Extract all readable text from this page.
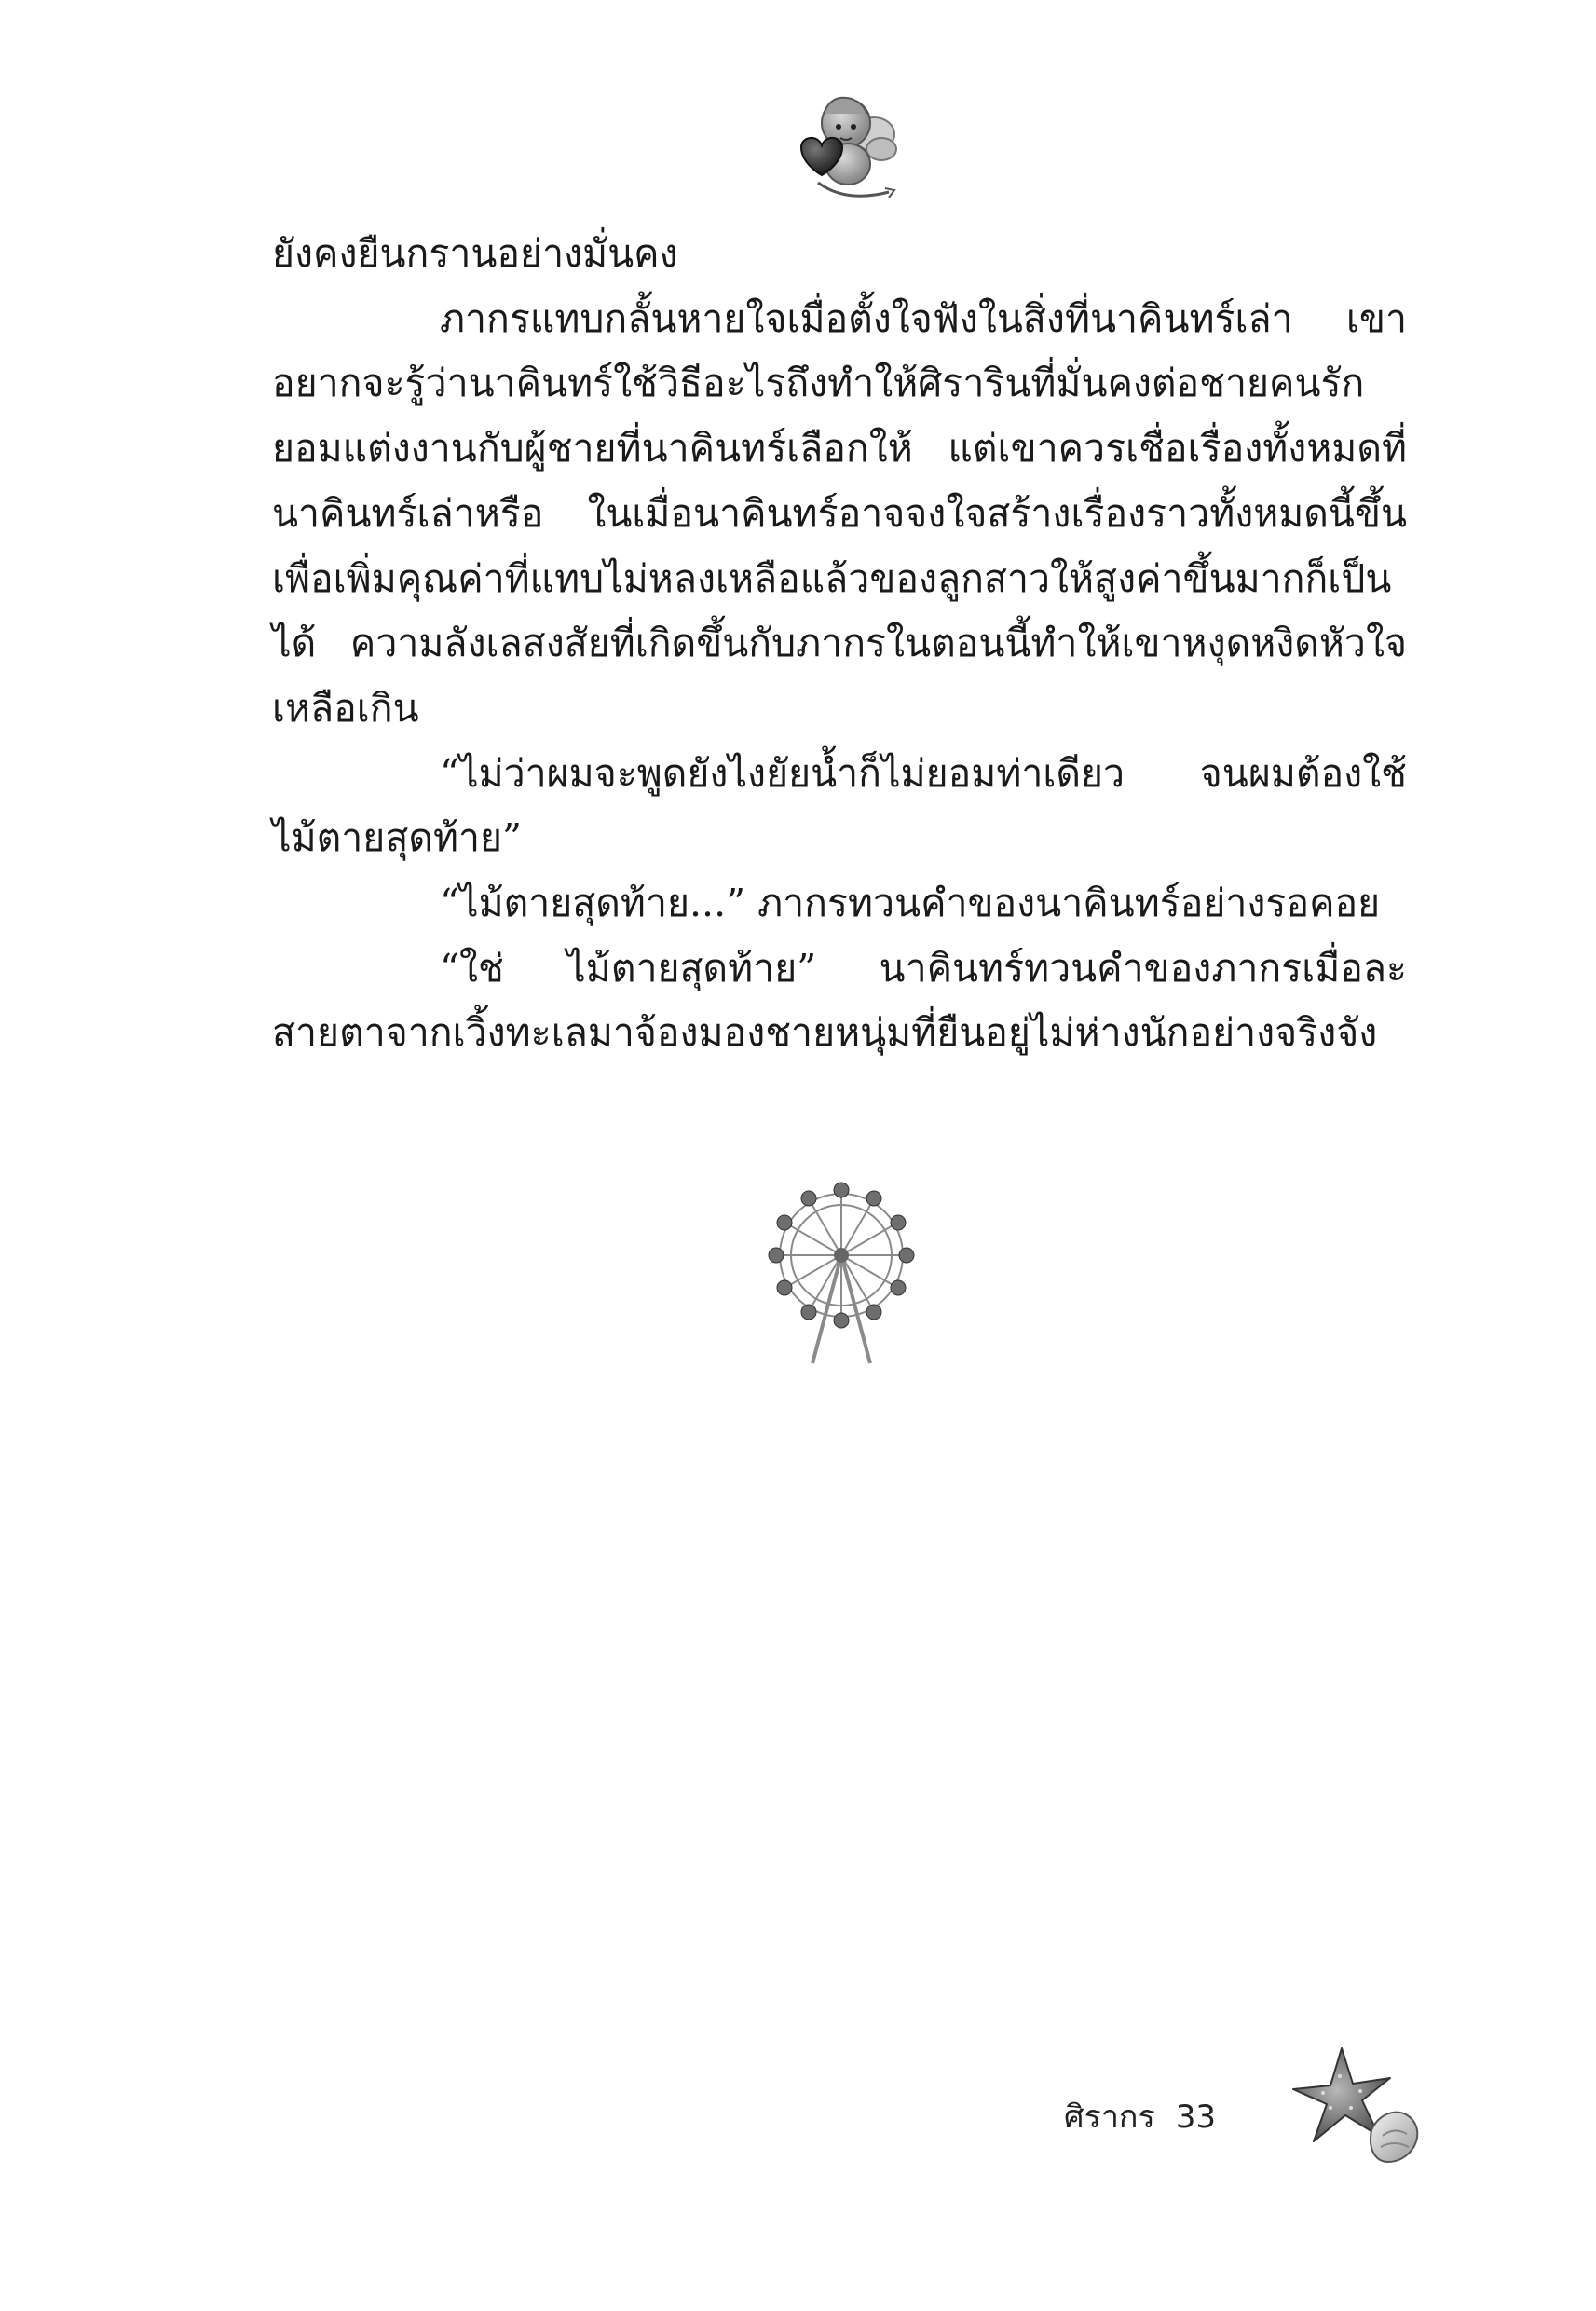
ยังคงยืนกรานอย่างมั่นคง

ภากรแทบกลั้นหายใจเมื่อตั้งใจฟังในสิ่งที่นาคินทร์เล่า เขาอยากจะรู้ว่านาคินทร์ใช้วิธีอะไรถึงทำให้ศิรารินที่มั่นคงต่อชายคนรักยอมแต่งงานกับผู้ชายที่นาคินทร์เลือกให้ แต่เขาควรเชื่อเรื่องทั้งหมดที่นาคินทร์เล่าหรือ ในเมื่อนาคินทร์อาจจงใจสร้างเรื่องราวทั้งหมดนี้ขึ้นเพื่อเพิ่มคุณค่าที่แทบไม่หลงเหลือแล้วของลูกสาวให้สูงค่าขึ้นมากก็เป็นได้ ความลังเลสงสัยที่เกิดขึ้นกับภากรในตอนนี้ทำให้เขาหงุดหงิดหัวใจเหลือเกิน

“ไม่ว่าผมจะพูดยังไงยัยน้ำก็ไม่ยอมท่าเดียว จนผมต้องใช้ไม้ตายสุดท้าย”

“ไม้ตายสุดท้าย...” ภากรทวนคำของนาคินทร์อย่างรอคอย

“ใช่ ไม้ตายสุดท้าย” นาคินทร์ทวนคำของภากรเมื่อละสายตาจากเวิ้งทะเลมาจ้องมองชายหนุ่มที่ยืนอยู่ไม่ห่างนักอย่างจริงจัง

ศิรากร 33
